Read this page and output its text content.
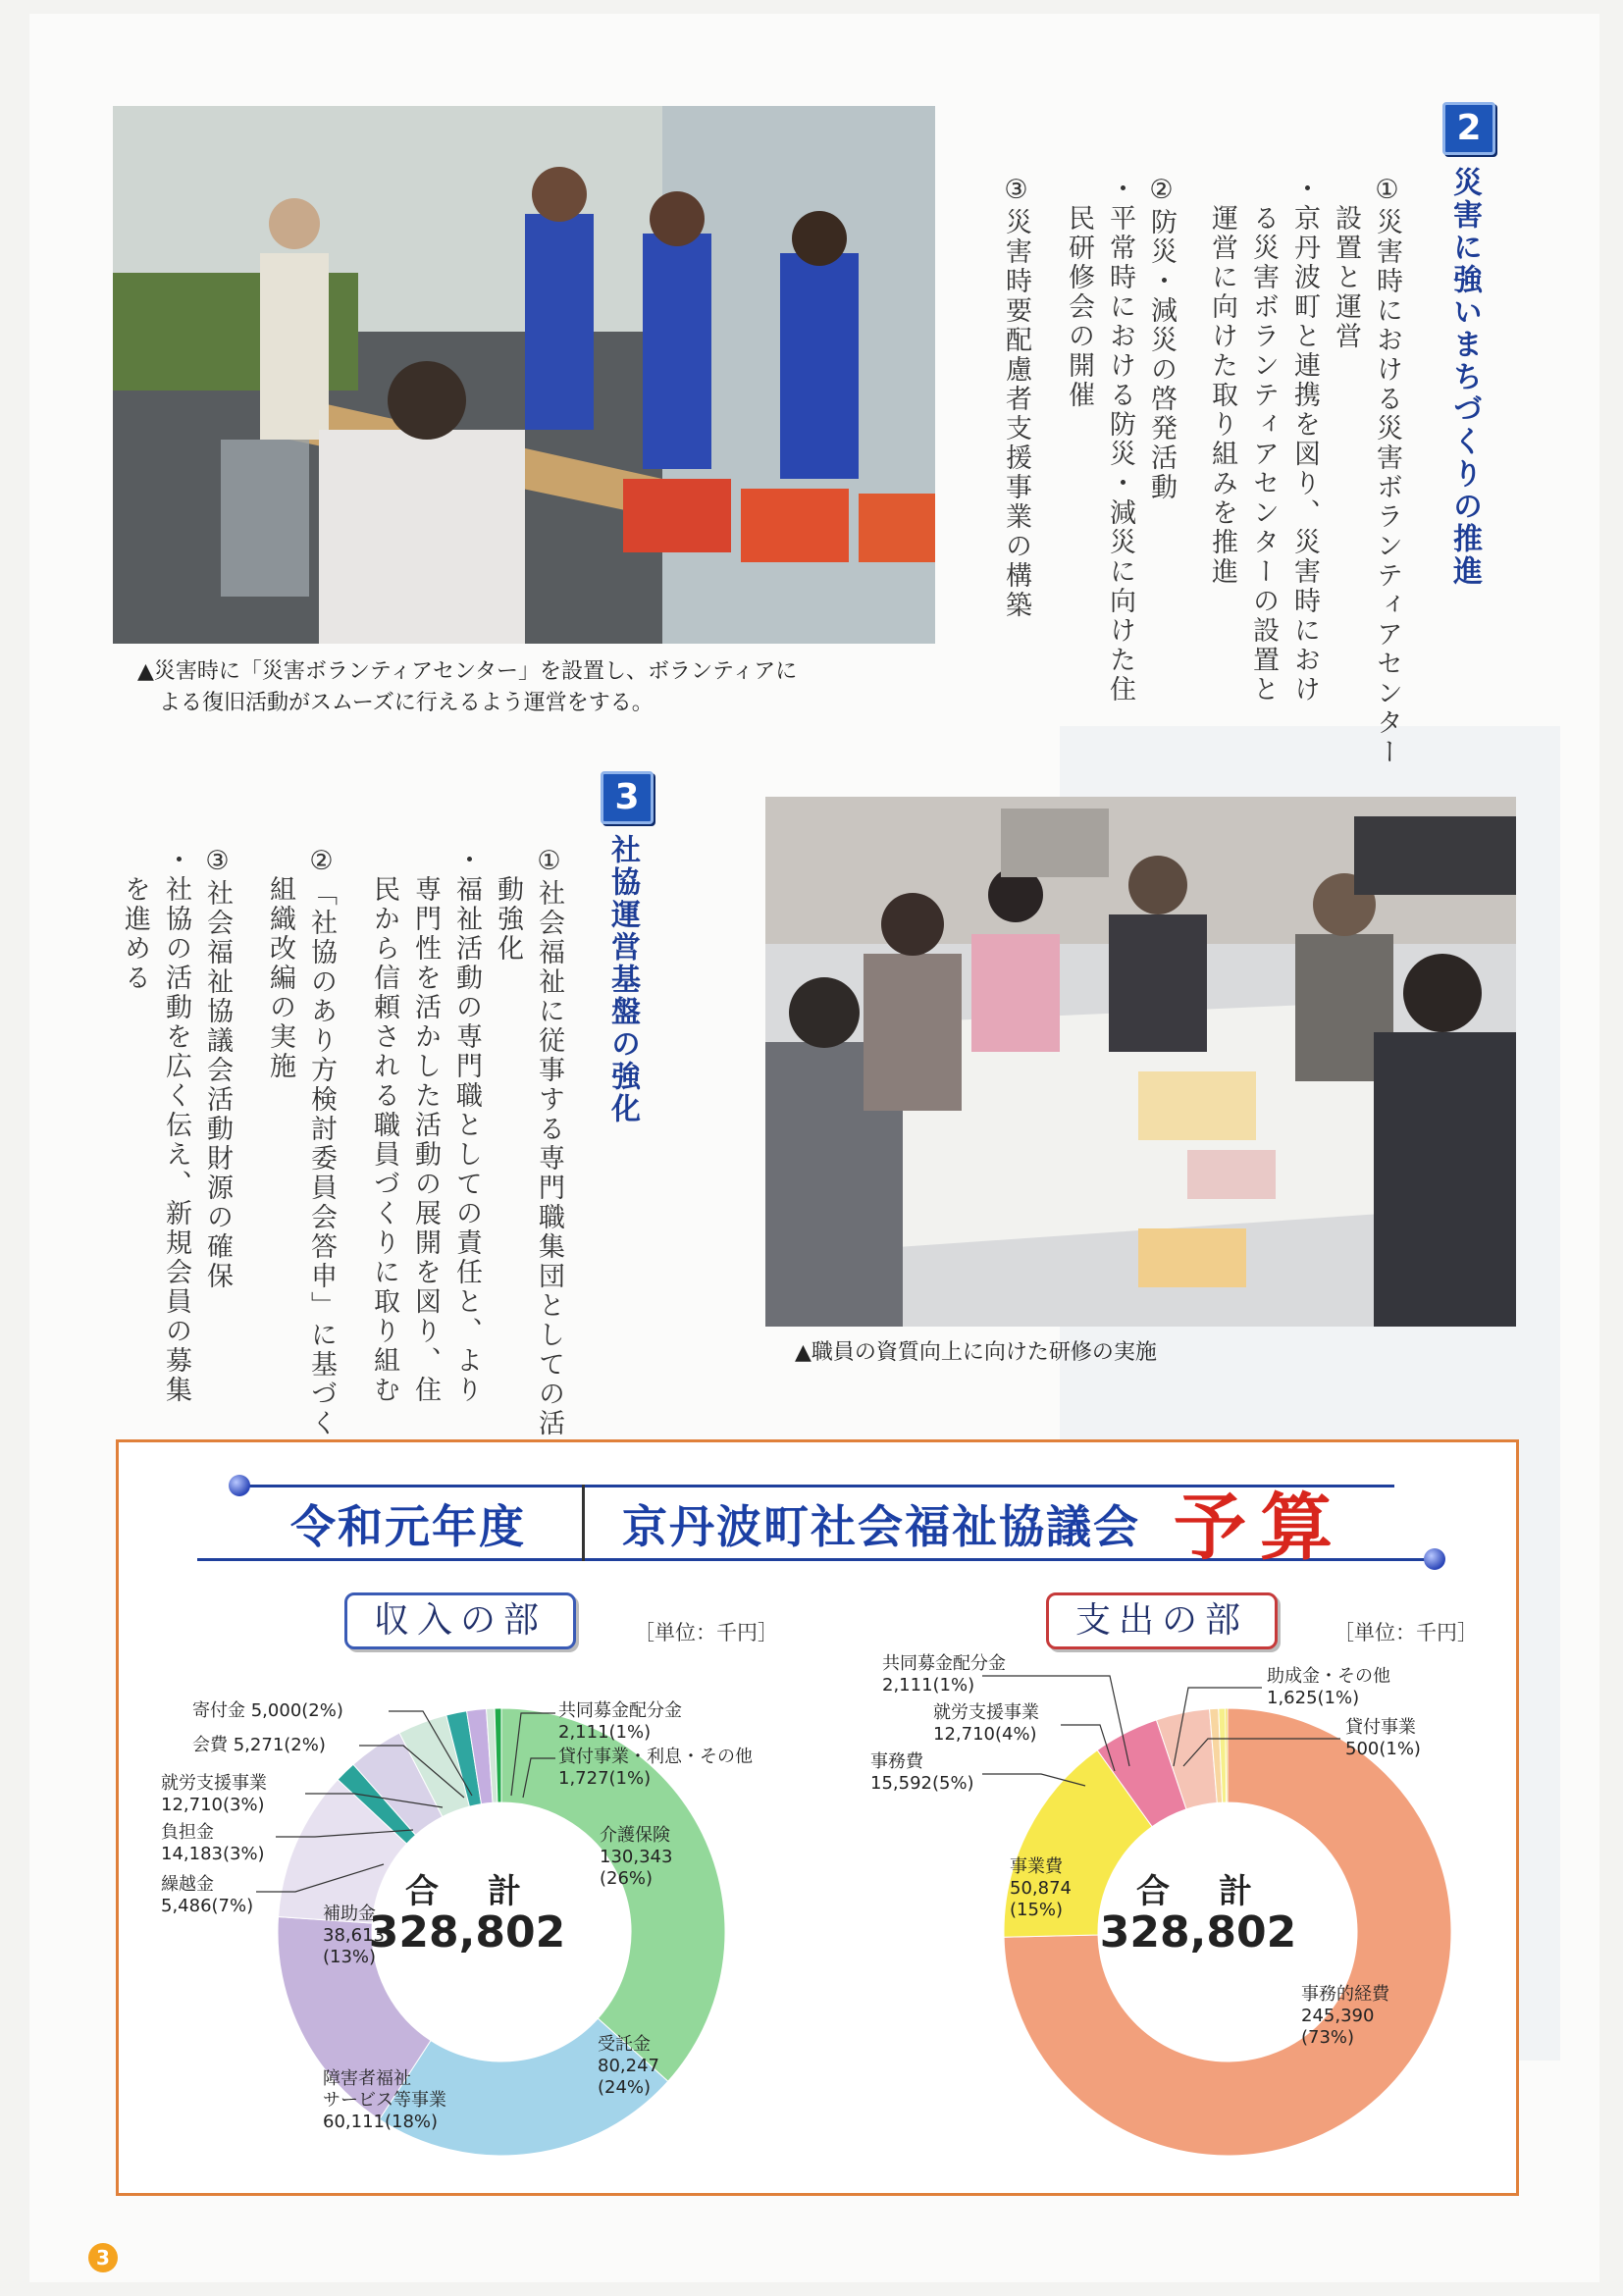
2
災害に強いまちづくりの推進
①災害時における災害ボランティアセンター
　設置と運営
・京丹波町と連携を図り、災害時におけ
　る災害ボランティアセンターの設置と
　運営に向けた取り組みを推進
②防災・減災の啓発活動
・平常時における防災・減災に向けた住
　民研修会の開催
③災害時要配慮者支援事業の構築
▲災害時に「災害ボランティアセンター」を設置し、ボランティアに
　よる復旧活動がスムーズに行えるよう運営をする。
3
社協運営基盤の強化
①社会福祉に従事する専門職集団としての活
　動強化
・福祉活動の専門職としての責任と、より
　専門性を活かした活動の展開を図り、住
　民から信頼される職員づくりに取り組む
②「社協のあり方検討委員会答申」に基づく
　組織改編の実施
③社会福祉協議会活動財源の確保
・社協の活動を広く伝え、新規会員の募集
　を進める
▲職員の資質向上に向けた研修の実施
令和元年度 京丹波町社会福祉協議会 予算
収入の部	［単位：千円］
合　計
328,802
寄付金 5,000(2%)
会費 5,271(2%)
就労支援事業
12,710(3%)
負担金
14,183(3%)
繰越金
5,486(7%)	補助金
38,613
(13%)
障害者福祉
サービス等事業
60,111(18%)
受託金
80,247
(24%)
介護保険
130,343
(26%)
共同募金配分金
2,111(1%)
貸付事業・利息・その他
1,727(1%)
支出の部	［単位：千円］
合　計
328,802
共同募金配分金
2,111(1%)
就労支援事業
12,710(4%)
事務費
15,592(5%)
事業費
50,874
(15%)
事務的経費
245,390
(73%)
助成金・その他
1,625(1%)
貸付事業
500(1%)
3
